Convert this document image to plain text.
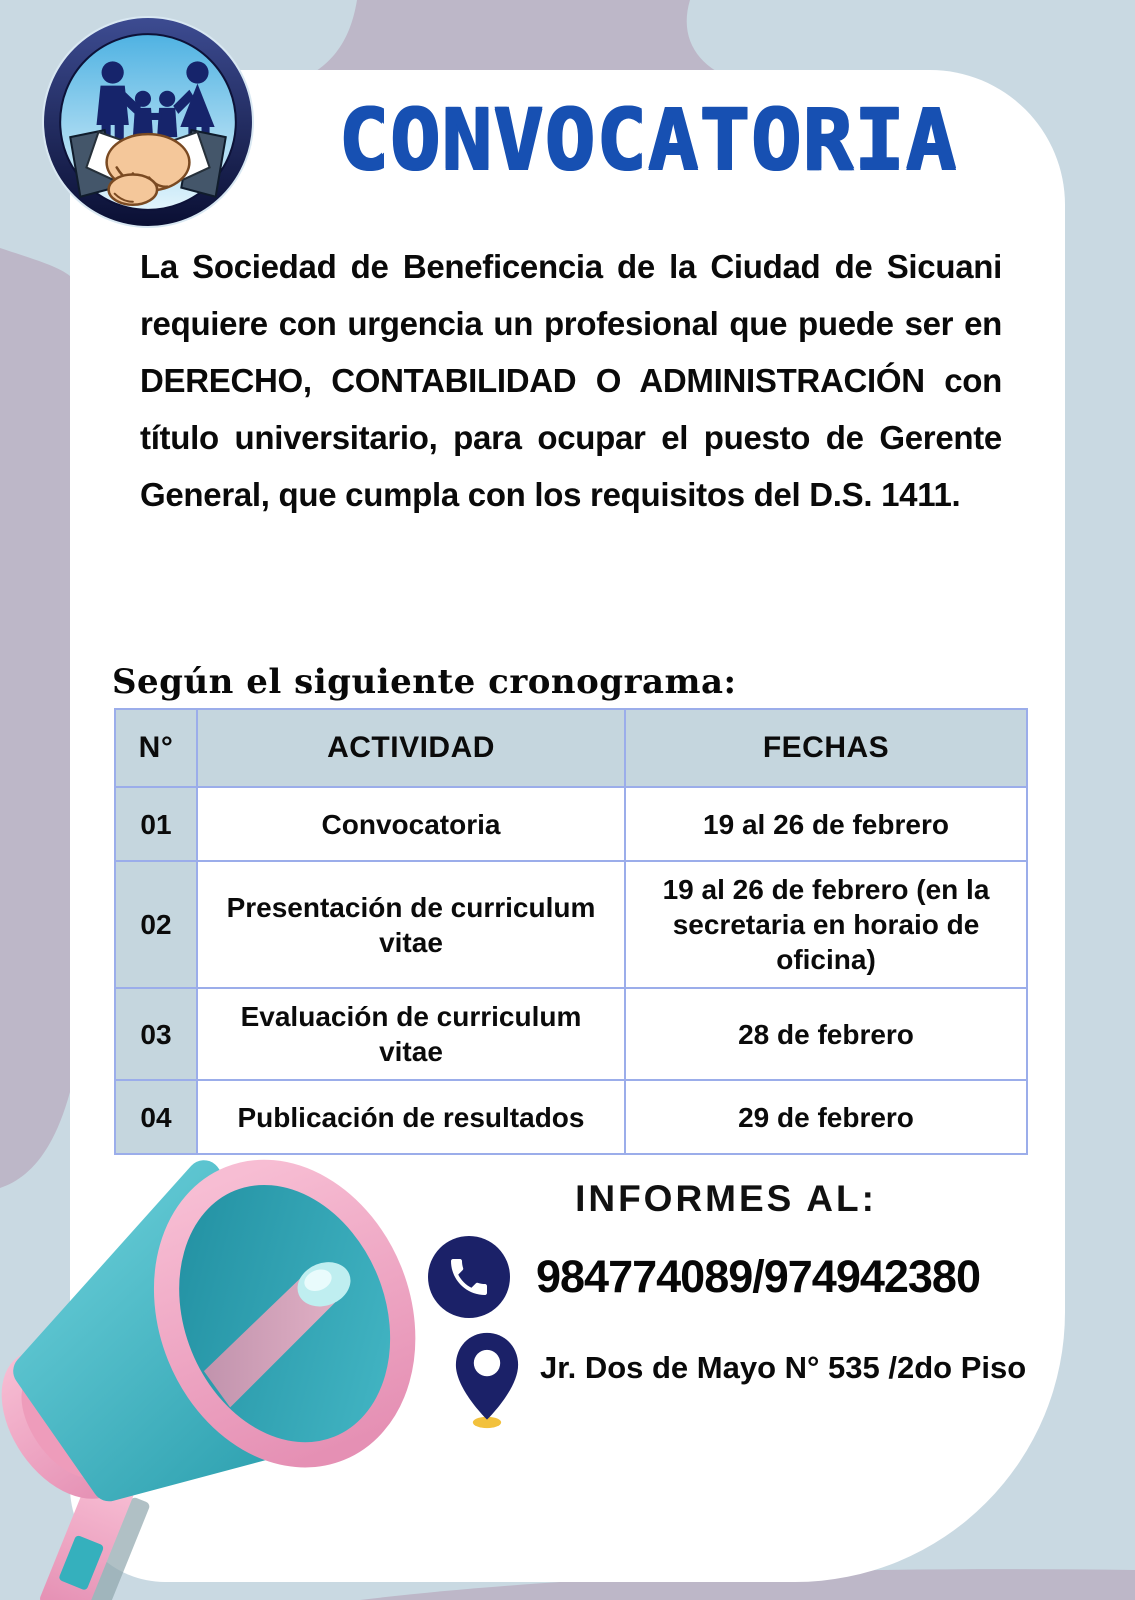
CONVOCATORIA

La Sociedad de Beneficencia de la Ciudad de Sicuani requiere con urgencia un profesional que puede ser en DERECHO, CONTABILIDAD O ADMINISTRACIÓN con título universitario, para ocupar el puesto de Gerente General, que cumpla con los requisitos del D.S. 1411.

Según el siguiente cronograma:
N°	ACTIVIDAD	FECHAS
01	Convocatoria	19 al 26 de febrero
02	Presentación de curriculum vitae	19 al 26 de febrero (en la secretaria en horaio de oficina)
03	Evaluación de curriculum vitae	28 de febrero
04	Publicación de resultados	29 de febrero
INFORMES AL:
984774089/974942380
Jr. Dos de Mayo N° 535 /2do Piso
